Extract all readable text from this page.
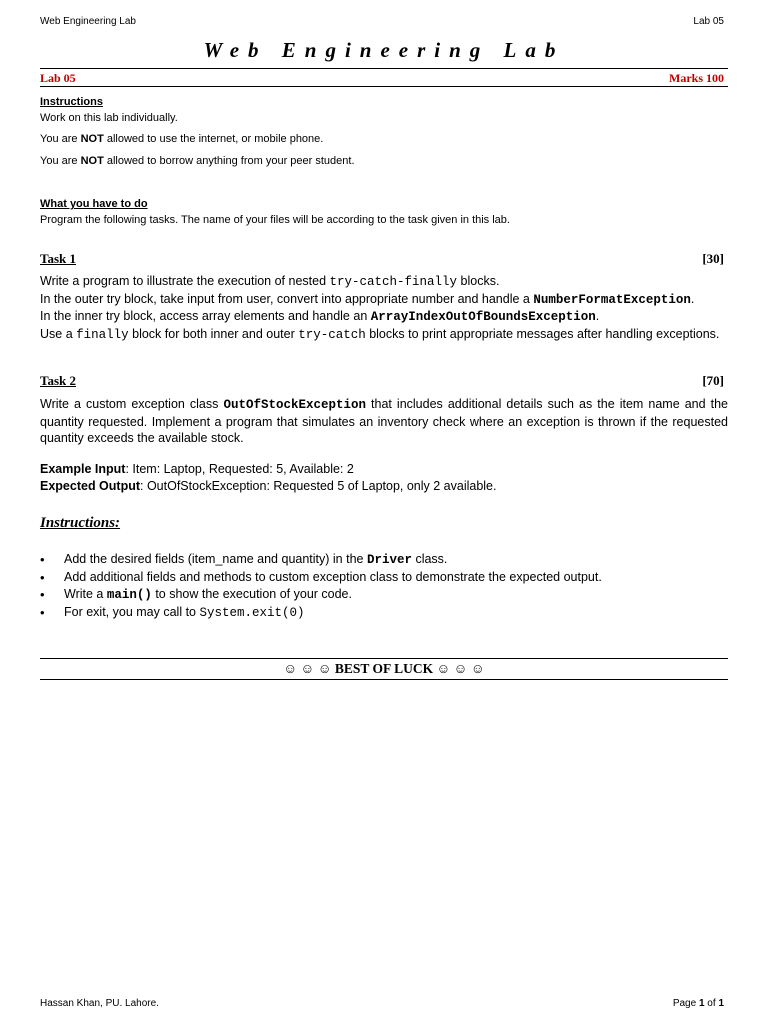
Web Engineering Lab	Lab 05
Web Engineering Lab
Lab 05	Marks 100
Instructions
Work on this lab individually.
You are NOT allowed to use the internet, or mobile phone.
You are NOT allowed to borrow anything from your peer student.
What you have to do
Program the following tasks. The name of your files will be according to the task given in this lab.
Task 1	[30]
Write a program to illustrate the execution of nested try-catch-finally blocks.
In the outer try block, take input from user, convert into appropriate number and handle a NumberFormatException.
In the inner try block, access array elements and handle an ArrayIndexOutOfBoundsException.
Use a finally block for both inner and outer try-catch blocks to print appropriate messages after handling exceptions.
Task 2	[70]
Write a custom exception class OutOfStockException that includes additional details such as the item name and the quantity requested. Implement a program that simulates an inventory check where an exception is thrown if the requested quantity exceeds the available stock.
Example Input: Item: Laptop, Requested: 5, Available: 2
Expected Output: OutOfStockException: Requested 5 of Laptop, only 2 available.
Instructions:
• Add the desired fields (item_name and quantity) in the Driver class.
• Add additional fields and methods to custom exception class to demonstrate the expected output.
• Write a main() to show the execution of your code.
• For exit, you may call to System.exit(0)
☺ ☺ ☺ BEST OF LUCK ☺ ☺ ☺
Hassan Khan, PU. Lahore.	Page 1 of 1
